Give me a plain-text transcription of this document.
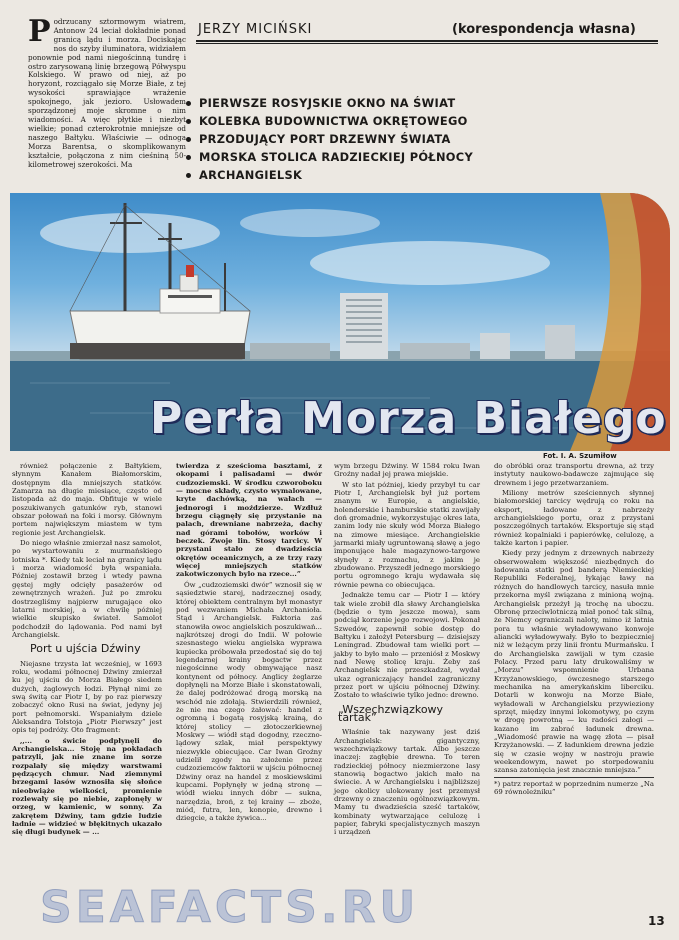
P odrzucany sztormowym wiatrem, Antonow 24 leciał dokładnie ponad granicą lądu i morza. Dociskając nos do szyby iluminatora, widziałem ponownie pod nami niegościnną tundrę i ostro zarysowaną linię brzegową Półwyspu Kolskiego. W prawo od niej, aż po horyzont, rozciągało się Morze Białe, z tej wysokości sprawiające wrażenie spokojnego, jak jezioro. Usłowadem sporządzonej moje skromne o nim wiadomości. A więc płytkie i niezbyt wielkie; ponad czterokrotnie mniejsze od naszego Bałtyku. Właściwie — odnoga Morza Barentsa, o skomplikowanym kształcie, połączona z nim cieśniną 50-kilometrowej szerokości. Ma
JERZY MICIŃSKI	(korespondencja własna)
PIERWSZE ROSYJSKIE OKNO NA ŚWIAT
KOLEBKA BUDOWNICTWA OKRĘTOWEGO
PRZODUJĄCY PORT DRZEWNY ŚWIATA
MORSKA STOLICA RADZIECKIEJ PÓŁNOCY
ARCHANGIELSK
Perła Morza Białego
Fot. I. A. Szumiłow

również połączenie z Bałtykiem, słynnym Kanałem Białomorskim, dostępnym dla mniejszych statków. Zamarza na długie miesiące, często od listopada aż do maja. Obfituje w wiele poszukiwanych gatunków ryb, stanowi obszar połowań na foki i morsy. Głównym portem największym miastem w tym regionie jest Archangielsk.

Do niego właśnie zmierzał nasz samolot, po wystartowaniu z murmańskiego lotniska *. Kiedy tak leciał na granicy lądu i morza wiadomość była wspaniała. Później zostawił brzeg i wtedy pawna gęstej mgły odcięły pasażerów od zewnętrznych wrażeń. Już po zmroku dostrzegliśmy najpierw mrugające oko latarni morskiej, a w chwilę później wielkie skupisko świateł. Samolot podchodził do lądowania. Pod nami był Archangielsk.

Port u ujścia Dźwiny

Niejasne trzysta lat wcześniej, w 1693 roku, wodami północnej Dźwiny zmierzał ku jej ujściu do Morza Białego siedem dużych, żaglowych łodzi. Płynął nimi ze swą świtą car Piotr I, by po raz pierwszy zobaczyć okno Rusi na świat, jedyny jej port pełnomorski. Wspaniałym dziele Aleksandra Tołstoja „Piotr Pierwszy” jest opis tej podróży. Oto fragment:

,,... o świcie podpłynęli do Archangielska... Stoję na pokładach patrzyli, jak nie znane im sorze rozpalały się między warstwami pędzących chmur. Nad ziemnymi brzegami lasów wznosiła się słońce nieobwiąże wielkości, promienie rozlewały się po niebie, zapłonęły w orzeg, w kamienic, w sonny. Za zakrętem Dźwiny, tam gdzie ludzie ładnie — widzieć w błękitnych ukazało się długi budynek — ...

twierdza z sześcioma basztami, z okopami i palisadami — dwór cudzoziemski. W środku czworoboku — mocne składy, czysto wymalowane, kryte dachówką, na wałach — jednorogi i moździerze. Wzdłuż brzegu ciągnęły się przystanie na palach, drewniane nabrzeża, dachy nad górami tobołów, worków i beczek. Zwoje lin. Stosy tarcicy. W przystani stało ze dwadzieścia okrętów oceanicznych, a ze trzy razy więcej mniejszych statków zakotwiczonych bylo na rzece...”

Ów „cudzoziemski dwór” wznosił się w sąsiedztwie starej, nadrzecznej osady, której obiektem centralnym był monastyr pod wezwaniem Michała Archanioła. Stąd i Archangielsk. Faktoria zaś stanowiła owoc angielskich poszukiwań... najkrótszej drogi do Indii. W połowie szesnastego wieku angielska wyprawa kupiecka próbowała przedostać się do tej legendarnej krainy bogactw przez niegościnne wody obmywające nasz kontynent od północy. Anglicy żeglarze dopłynęli na Morze Białe i skonstatowali, że dalej podróżować drogą morską na wschód nie zdołają. Stwierdzili również, że nie ma czego żałować: handel z ogromną i bogatą rosyjską krainą, do której stolicy — złotoczerkiewnej Moskwy — wiódł stąd dogodny, rzeczno-lądowy szlak, miał perspektywy niezwykle obiecujące. Car Iwan Groźny udzielił zgody na założenie przez cudzoziemców faktorii w ujściu północnej Dźwiny oraz na handel z moskiewskimi kupcami. Popłynęły w jedną stronę — wiódł wieku innych dóbr — sukna, narzędzia, broń, z tej krainy — zboże, miód, futra, len, konopie, drewno i dziegcie, a także żywica...

wym brzegu Dźwiny. W 1584 roku Iwan Groźny nadał jej prawa miejskie.

W sto lat później, kiedy przybył tu car Piotr I, Archangielsk był już portem znanym w Europie, a angielskie, holenderskie i hamburskie statki zawijały doń gromadnie, wykorzystując okres lata, zanim lody nie skuły wód Morza Białego na zimowe miesiące. Archangielskie jarmarki miały ugruntowaną sławę a jego imponujące hale magazynowo-targowe słynęły z rozmachu, z jakim je zbudowano. Przyszedł jednego morskiego portu ogromnego kraju wydawała się równie pewna co obiecująca.

Jednakże temu car — Piotr I — który tak wiele zrobił dla sławy Archangielska (będzie o tym jeszcze mowa), sam podciął korzenie jego rozwojowi. Pokonał Szwedów, zapewnił sobie dostęp do Bałtyku i założył Petersburg — dzisiejszy Leningrad. Zbudował tam wielki port — jakby to było mało — przeniósł z Moskwy nad Newę stolicę kraju. Żeby zaś Archangielsk nie przeszkadzał, wydał ukaz ograniczający handel zagraniczny przez port w ujściu północnej Dźwiny. Zostało to właściwie tylko jedno: drewno.

„Wszechzwiązkowy tartak”

Właśnie tak nazywany jest dziś Archangielsk: gigantyczny, wszechzwiązkowy tartak. Albo jeszcze inaczej: zagłębie drewna. To teren radzieckiej północy niezmierzone lasy stanowią bogactwo jakich mało na świecie. A w Archangielsku i najbliższej jego okolicy ulokowany jest przemysł drzewny o znaczeniu ogólnozwiązkowym. Mamy tu dwadzieścia sześć tartaków, kombinaty wytwarzające celulozę i papier, fabryki specjalistycznych maszyn i urządzeń

do obróbki oraz transportu drewna, aż trzy instytuty naukowo-badawcze zajmujące się drewnem i jego przetwarzaniem.

Miliony metrów sześciennych słynnej białomorskiej tarcicy wędrują co roku na eksport, ładowane z nabrzeży archangielskiego portu, oraz z przystani poszczególnych tartaków. Eksportuje się stąd również kopalniaki i papierówkę, celulozę, a także karton i papier.

Kiedy przy jednym z drzewnych nabrzeży obserwowałem większość niezbędnych do ładowania statki pod banderą Niemieckiej Republiki Federalnej, łykając ławy na różnych do handlowych tarcicy, nasuła mnie przekorna myśl związana z minioną wojną. Archangielsk przeżył ją trochę na uboczu. Obronę przeciwlotniczą miał ponoć tak silną, że Niemcy ograniczali naloty, mimo iż latnia pora tu właśnie wyładowywano konwoje aliancki wyładowywały. Było to bezpieczniej niż w leżącym przy linii frontu Murmańsku. I do Archangielska zawijali w tym czasie Polacy. Przed paru laty drukowaliśmy w „Morzu” wspomnienie Urbana Krzyżanowskiego, ówczesnego starszego mechanika na amerykańskim liberciku. Dotarli w konwoju na Morze Białe, wyładowali w Archangielsku przywieziony sprzęt, między innymi lokomotywy, po czym w drogę powrotną — ku radości załogi — kazano im zabrać ładunek drewna. „Wiadomość prawie na wagę złota — pisał Krzyżanowski. — Z ładunkiem drewna jedzie się w czasie wojny w nastroju prawie weekendowym, nawet po storpedowaniu szansa zatonięcia jest znacznie mniejsza.”

*) patrz reportaż w poprzednim numerze „Na 69 równoleżniku”

SEAFACTS.RU	13
